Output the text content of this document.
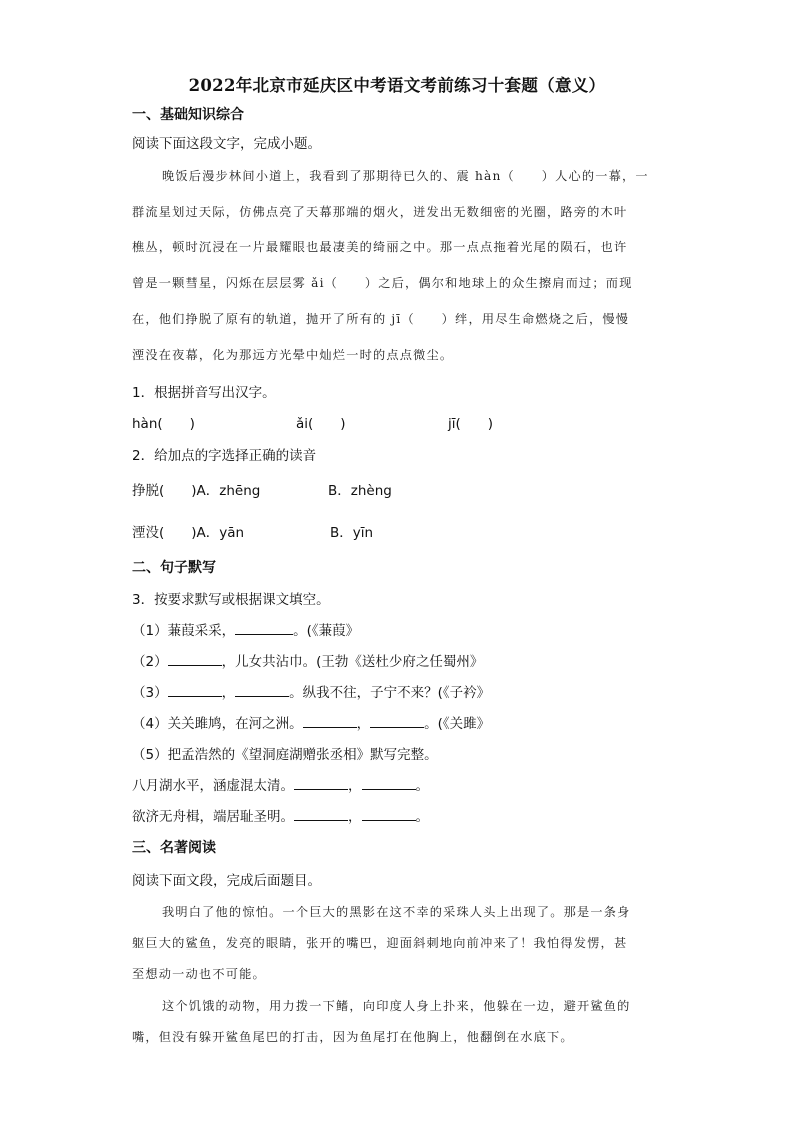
2022年北京市延庆区中考语文考前练习十套题（意义）
一、基础知识综合
阅读下面这段文字，完成小题。
晚饭后漫步林间小道上，我看到了那期待已久的、震 hàn（　　）人心的一幕，一
群流星划过天际，仿佛点亮了天幕那端的烟火，迸发出无数细密的光圈，路旁的木叶
樵丛，顿时沉浸在一片最耀眼也最凄美的绮丽之中。那一点点拖着光尾的陨石，也许
曾是一颗彗星，闪烁在层层雾 ǎi（　　）之后，偶尔和地球上的众生擦肩而过；而现
在，他们挣脱了原有的轨道，抛开了所有的 jī（　　）绊，用尽生命燃烧之后，慢慢
湮没在夜幕，化为那远方光晕中灿烂一时的点点微尘。
1．根据拼音写出汉字。
hàn(　　)	ǎi(　　)	jī(　　)
2．给加点的字选择正确的读音
挣脱(　　)A．zhēng	B．zhèng
湮没(　　)A．yān	B．yīn
二、句子默写
3．按要求默写或根据课文填空。
（1）蒹葭采采，	。(《蒹葭》
（2）	，儿女共沾巾。(王勃《送杜少府之任蜀州》
（3）	，	。纵我不往，子宁不来？(《子衿》
（4）关关雎鸠，在河之洲。	，	。(《关雎》
（5）把孟浩然的《望洞庭湖赠张丞相》默写完整。
八月湖水平，涵虚混太清。	，	。
欲济无舟楫，端居耻圣明。	，	。
三、名著阅读
阅读下面文段，完成后面题目。
我明白了他的惊怕。一个巨大的黑影在这不幸的采珠人头上出现了。那是一条身
躯巨大的鲨鱼，发亮的眼睛，张开的嘴巴，迎面斜刺地向前冲来了！我怕得发愣，甚
至想动一动也不可能。
这个饥饿的动物，用力拨一下鳍，向印度人身上扑来，他躲在一边，避开鲨鱼的
嘴，但没有躲开鲨鱼尾巴的打击，因为鱼尾打在他胸上，他翻倒在水底下。
